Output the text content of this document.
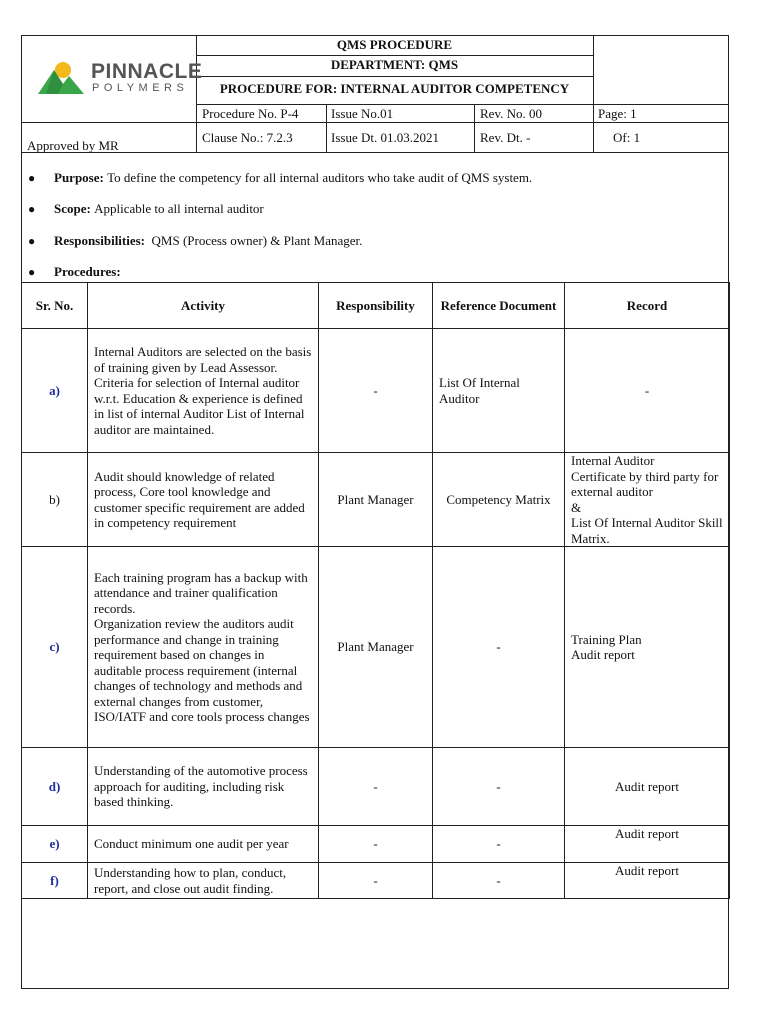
PINNACLE
POLYMERS
QMS PROCEDURE
DEPARTMENT: QMS
PROCEDURE FOR: INTERNAL AUDITOR COMPETENCY
Procedure No. P-4	Issue No.01	Rev. No. 00	Page: 1
Approved by MR
Clause No.: 7.2.3	Issue Dt. 01.03.2021	Rev. Dt. -	Of: 1
● Purpose: To define the competency for all internal auditors who take audit of QMS system.
● Scope: Applicable to all internal auditor
● Responsibilities: QMS (Process owner) & Plant Manager.
● Procedures:
Sr. No.	Activity	Responsibility	Reference Document	Record
a)	Internal Auditors are selected on the basis of training given by Lead Assessor. Criteria for selection of Internal auditor w.r.t. Education & experience is defined in list of internal Auditor List of Internal auditor are maintained.	-	List Of Internal Auditor	-
b)	Audit should knowledge of related process, Core tool knowledge and customer specific requirement are added in competency requirement	Plant Manager	Competency Matrix	Internal Auditor
Certificate by third party for external auditor
&
List Of Internal Auditor Skill Matrix.
c)	Each training program has a backup with attendance and trainer qualification records.
Organization review the auditors audit performance and change in training requirement based on changes in auditable process requirement (internal changes of technology and methods and external changes from customer, ISO/IATF and core tools process changes	Plant Manager	-	Training Plan
Audit report
d)	Understanding of the automotive process approach for auditing, including risk based thinking.	-	-	Audit report
e)	Conduct minimum one audit per year	-	-	Audit report
f)	Understanding how to plan, conduct, report, and close out audit finding.	-	-	Audit report
